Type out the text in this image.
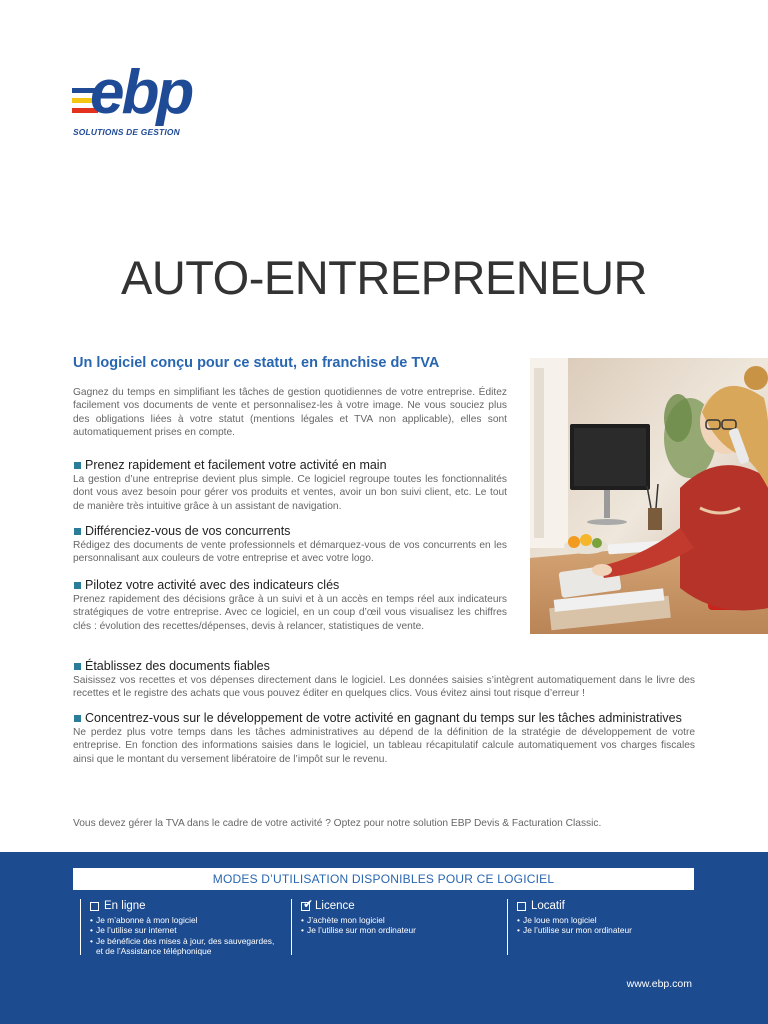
ebp
SOLUTIONS DE GESTION
AUTO-ENTREPRENEUR
Un logiciel conçu pour ce statut, en franchise de TVA

Gagnez du temps en simplifiant les tâches de gestion quotidiennes de votre entreprise. Éditez facilement vos documents de vente et personnalisez-les à votre image. Ne vous souciez plus des obligations liées à votre statut (mentions légales et TVA non applicable), elles sont automatiquement prises en compte.

Prenez rapidement et facilement votre activité en main

La gestion d’une entreprise devient plus simple. Ce logiciel regroupe toutes les fonctionnalités dont vous avez besoin pour gérer vos produits et ventes, avoir un bon suivi client, etc. Le tout de manière très intuitive grâce à un assistant de navigation.

Différenciez-vous de vos concurrents

Rédigez des documents de vente professionnels et démarquez-vous de vos concurrents en les personnalisant aux couleurs de votre entreprise et avec votre logo.

Pilotez votre activité avec des indicateurs clés

Prenez rapidement des décisions grâce à un suivi et à un accès en temps réel aux indicateurs stratégiques de votre entreprise. Avec ce logiciel, en un coup d’œil vous visualisez les chiffres clés : évolution des recettes/dépenses, devis à relancer, statistiques de vente.

Établissez des documents fiables

Saisissez vos recettes et vos dépenses directement dans le logiciel. Les données saisies s’intègrent automatiquement dans le livre des recettes et le registre des achats que vous pouvez éditer en quelques clics. Vous évitez ainsi tout risque d’erreur !

Concentrez-vous sur le développement de votre activité en gagnant du temps sur les tâches administratives

Ne perdez plus votre temps dans les tâches administratives au dépend de la définition de la stratégie de développement de votre entreprise. En fonction des informations saisies dans le logiciel, un tableau récapitulatif calcule automatiquement vos charges fiscales ainsi que le montant du versement libératoire de l’impôt sur le revenu.

Vous devez gérer la TVA dans le cadre de votre activité ? Optez pour notre solution EBP Devis & Facturation Classic.

MODES D’UTILISATION DISPONIBLES POUR CE LOGICIEL
En ligne
• Je m’abonne à mon logiciel
• Je l’utilise sur internet
• Je bénéficie des mises à jour, des sauvegardes, et de l’Assistance téléphonique
✔ Licence
• J’achète mon logiciel
• Je l’utilise sur mon ordinateur
Locatif
• Je loue mon logiciel
• Je l’utilise sur mon ordinateur
www.ebp.com
